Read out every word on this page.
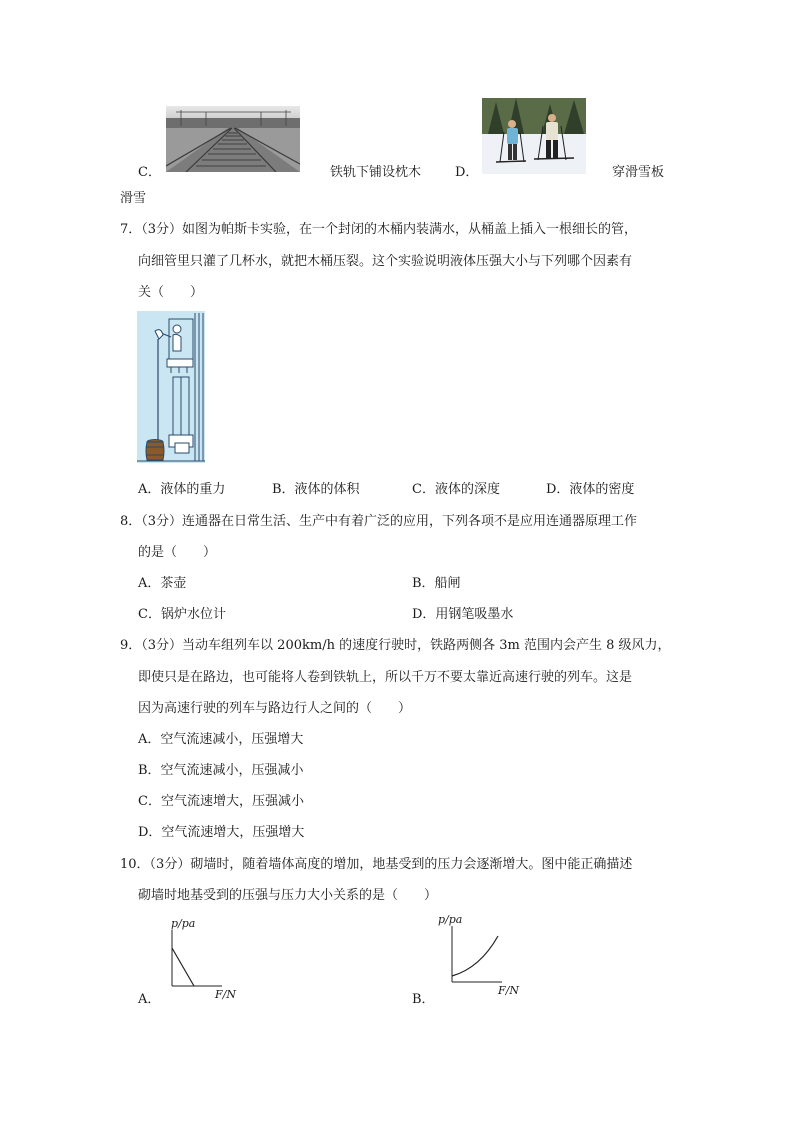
C．	铁轨下铺设枕木	D．	穿滑雪板
滑雪
7．（3分）如图为帕斯卡实验，在一个封闭的木桶内装满水，从桶盖上插入一根细长的管，
向细管里只灌了几杯水，就把木桶压裂。这个实验说明液体压强大小与下列哪个因素有
关（　　）
A．液体的重力	B．液体的体积	C．液体的深度	D．液体的密度
8．（3分）连通器在日常生活、生产中有着广泛的应用，下列各项不是应用连通器原理工作
的是（　　）
A．茶壶	B．船闸
C．锅炉水位计	D．用钢笔吸墨水
9．（3分）当动车组列车以 200km/h 的速度行驶时，铁路两侧各 3m 范围内会产生 8 级风力，
即使只是在路边，也可能将人卷到铁轨上，所以千万不要太靠近高速行驶的列车。这是
因为高速行驶的列车与路边行人之间的（　　）
A．空气流速减小，压强增大
B．空气流速减小，压强减小
C．空气流速增大，压强减小
D．空气流速增大，压强增大
10．（3分）砌墙时，随着墙体高度的增加，地基受到的压力会逐渐增大。图中能正确描述
砌墙时地基受到的压强与压力大小关系的是（　　）
A．
p/pa
F/N	B．
p/pa
F/N
